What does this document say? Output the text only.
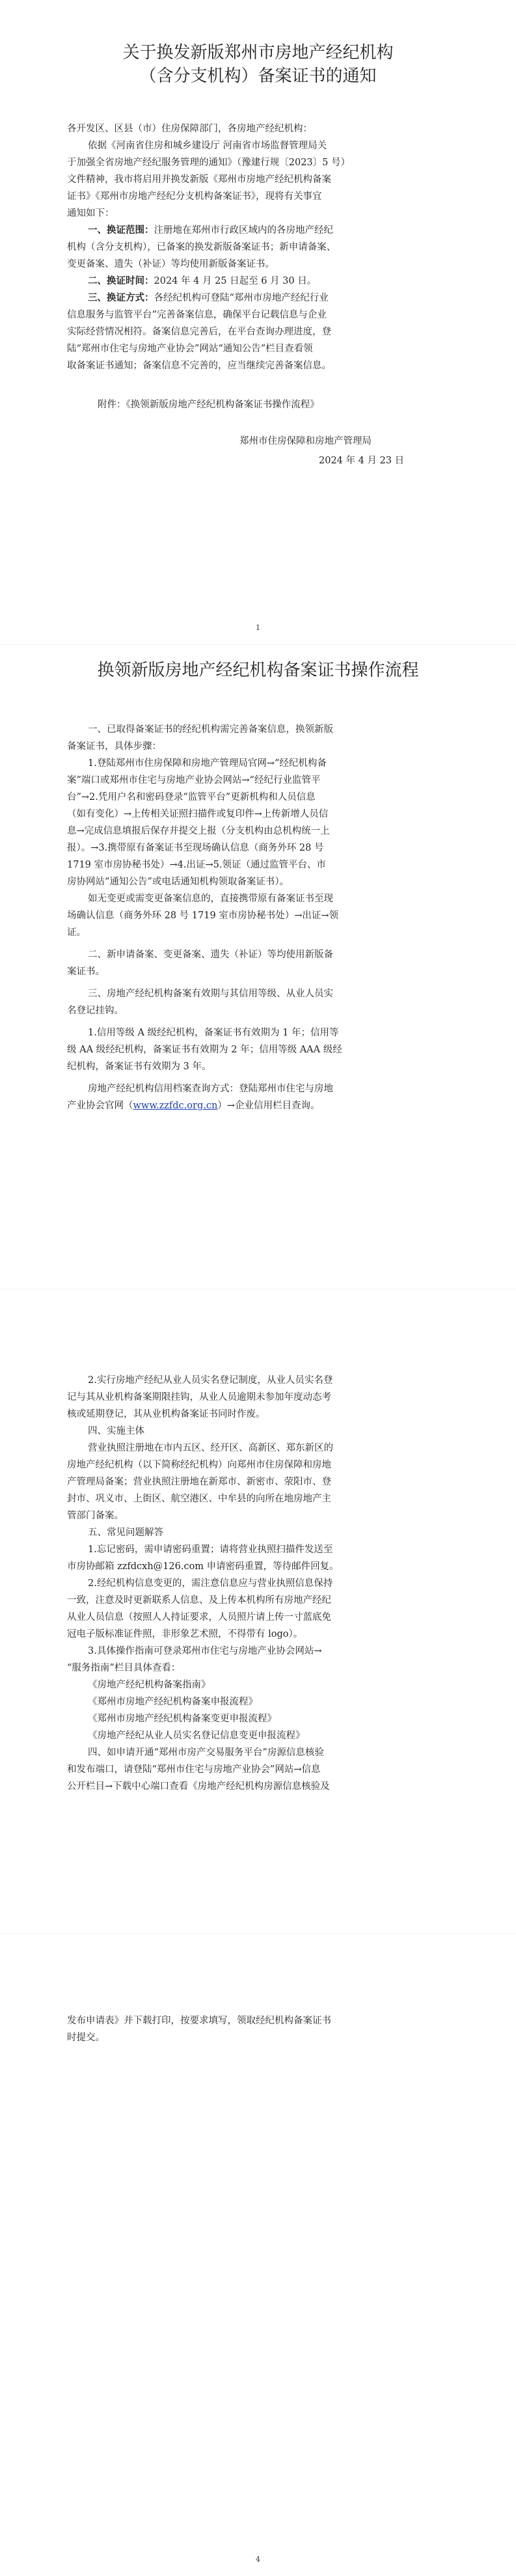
关于换发新版郑州市房地产经纪机构
（含分支机构）备案证书的通知
各开发区、区县（市）住房保障部门，各房地产经纪机构：
依据《河南省住房和城乡建设厅 河南省市场监督管理局关
于加强全省房地产经纪服务管理的通知》（豫建行规〔2023〕5 号）
文件精神，我市将启用并换发新版《郑州市房地产经纪机构备案
证书》《郑州市房地产经纪分支机构备案证书》，现将有关事宜
通知如下：
一、换证范围：注册地在郑州市行政区域内的各房地产经纪
机构（含分支机构），已备案的换发新版备案证书；新申请备案、
变更备案、遗失（补证）等均使用新版备案证书。
二、换证时间：2024 年 4 月 25 日起至 6 月 30 日。
三、换证方式：各经纪机构可登陆“郑州市房地产经纪行业
信息服务与监管平台”完善备案信息，确保平台记载信息与企业
实际经营情况相符。备案信息完善后，在平台查询办理进度，登
陆“郑州市住宅与房地产业协会”网站“通知公告”栏目查看领
取备案证书通知；备案信息不完善的，应当继续完善备案信息。
附件：《换领新版房地产经纪机构备案证书操作流程》
郑州市住房保障和房地产管理局
2024 年 4 月 23 日
1
换领新版房地产经纪机构备案证书操作流程
一、已取得备案证书的经纪机构需完善备案信息，换领新版
备案证书，具体步骤：
1.登陆郑州市住房保障和房地产管理局官网→“经纪机构备
案”端口或郑州市住宅与房地产业协会网站→“经纪行业监管平
台”→2.凭用户名和密码登录“监管平台”更新机构和人员信息
（如有变化）→上传相关证照扫描件或复印件→上传新增人员信
息→完成信息填报后保存并提交上报（分支机构由总机构统一上
报）。→3.携带原有备案证书至现场确认信息（商务外环 28 号
1719 室市房协秘书处）→4.出证→5.领证（通过监管平台、市
房协网站“通知公告”或电话通知机构领取备案证书）。
如无变更或需变更备案信息的，直接携带原有备案证书至现
场确认信息（商务外环 28 号 1719 室市房协秘书处）→出证→领
证。
二、新申请备案、变更备案、遗失（补证）等均使用新版备
案证书。
三、房地产经纪机构备案有效期与其信用等级、从业人员实
名登记挂钩。
1.信用等级 A 级经纪机构，备案证书有效期为 1 年；信用等
级 AA 级经纪机构，备案证书有效期为 2 年；信用等级 AAA 级经
纪机构，备案证书有效期为 3 年。
房地产经纪机构信用档案查询方式：登陆郑州市住宅与房地
产业协会官网（www.zzfdc.org.cn）→企业信用栏目查询。
2.实行房地产经纪从业人员实名登记制度，从业人员实名登
记与其从业机构备案期限挂钩，从业人员逾期未参加年度动态考
核或延期登记，其从业机构备案证书同时作废。
四、实施主体
营业执照注册地在市内五区、经开区、高新区、郑东新区的
房地产经纪机构（以下简称经纪机构）向郑州市住房保障和房地
产管理局备案；营业执照注册地在新郑市、新密市、荥阳市、登
封市、巩义市、上街区、航空港区、中牟县的向所在地房地产主
管部门备案。
五、常见问题解答
1.忘记密码，需申请密码重置；请将营业执照扫描件发送至
市房协邮箱 zzfdcxh@126.com 申请密码重置，等待邮件回复。
2.经纪机构信息变更的，需注意信息应与营业执照信息保持
一致，注意及时更新联系人信息、及上传本机构所有房地产经纪
从业人员信息（按照人人持证要求，人员照片请上传一寸蓝底免
冠电子版标准证件照，非形象艺术照，不得带有 logo）。
3.具体操作指南可登录郑州市住宅与房地产业协会网站→
“服务指南”栏目具体查看：
《房地产经纪机构备案指南》
《郑州市房地产经纪机构备案申报流程》
《郑州市房地产经纪机构备案变更申报流程》
《房地产经纪从业人员实名登记信息变更申报流程》
四、如申请开通“郑州市房产交易服务平台”房源信息核验
和发布端口，请登陆“郑州市住宅与房地产业协会”网站→信息
公开栏目→下载中心端口查看《房地产经纪机构房源信息核验及
发布申请表》并下载打印，按要求填写，领取经纪机构备案证书
时提交。
4
